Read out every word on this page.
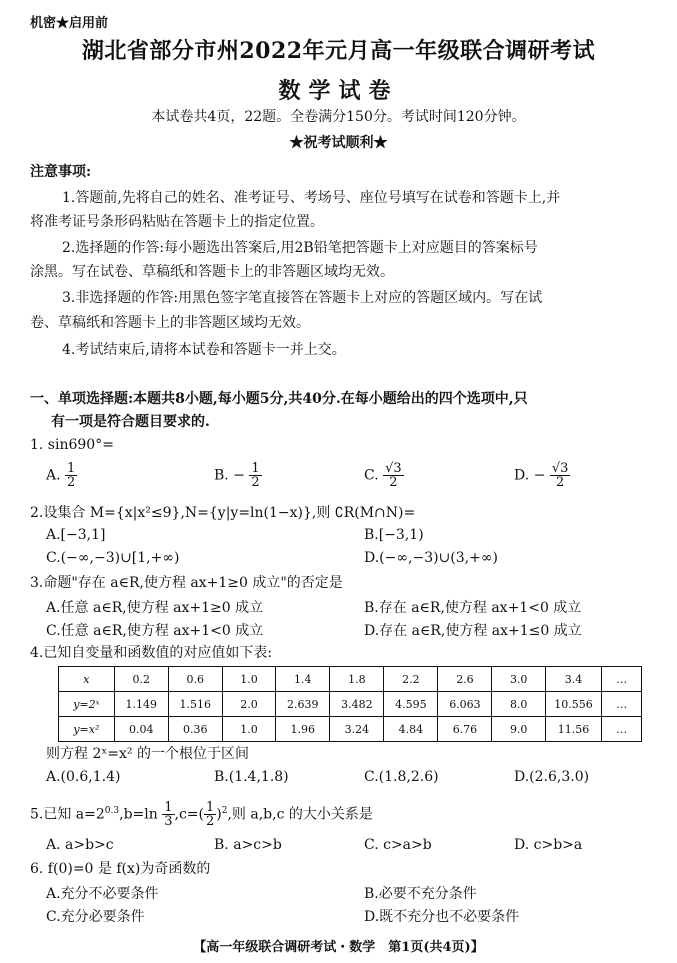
机密★启用前
湖北省部分市州2022年元月高一年级联合调研考试
数学试卷
本试卷共4页，22题。全卷满分150分。考试时间120分钟。
★祝考试顺利★
注意事项:
1.答题前,先将自己的姓名、准考证号、考场号、座位号填写在试卷和答题卡上,并
将准考证号条形码粘贴在答题卡上的指定位置。
2.选择题的作答:每小题选出答案后,用2B铅笔把答题卡上对应题目的答案标号
涂黑。写在试卷、草稿纸和答题卡上的非答题区域均无效。
3.非选择题的作答:用黑色签字笔直接答在答题卡上对应的答题区域内。写在试
卷、草稿纸和答题卡上的非答题区域均无效。
4.考试结束后,请将本试卷和答题卡一并上交。
一、单项选择题:本题共8小题,每小题5分,共40分.在每小题给出的四个选项中,只
有一项是符合题目要求的.
1. sin690°=
A. $\frac{1}{2}$	B. − $\frac{1}{2}$	C. $\frac{√3}{2}$	D. − $\frac{√3}{2}$
2.设集合 M={x|x²≤9},N={y|y=ln(1−x)},则 ∁R(M∩N)=
A.[−3,1]	B.[−3,1)
C.(−∞,−3)∪[1,+∞)	D.(−∞,−3)∪(3,+∞)
3.命题"存在 a∈R,使方程 ax+1≥0 成立"的否定是
A.任意 a∈R,使方程 ax+1≥0 成立	B.存在 a∈R,使方程 ax+1<0 成立
C.任意 a∈R,使方程 ax+1<0 成立	D.存在 a∈R,使方程 ax+1≤0 成立
4.已知自变量和函数值的对应值如下表:
x	0.2	0.6	1.0	1.4	1.8	2.2	2.6	3.0	3.4	…
y=2ˣ	1.149	1.516	2.0	2.639	3.482	4.595	6.063	8.0	10.556	…
y=x²	0.04	0.36	1.0	1.96	3.24	4.84	6.76	9.0	11.56	…
则方程 2ˣ=x² 的一个根位于区间
A.(0.6,1.4)	B.(1.4,1.8)	C.(1.8,2.6)	D.(2.6,3.0)
5.已知 $a=2^{0.3},b=\ln \frac{1}{3} ,c=( \frac{1}{2} )^2$,则 a,b,c 的大小关系是
A. a>b>c	B. a>c>b	C. c>a>b	D. c>b>a
6. f(0)=0 是 f(x)为奇函数的
A.充分不必要条件	B.必要不充分条件
C.充分必要条件	D.既不充分也不必要条件
【高一年级联合调研考试・数学　第1页(共4页)】
